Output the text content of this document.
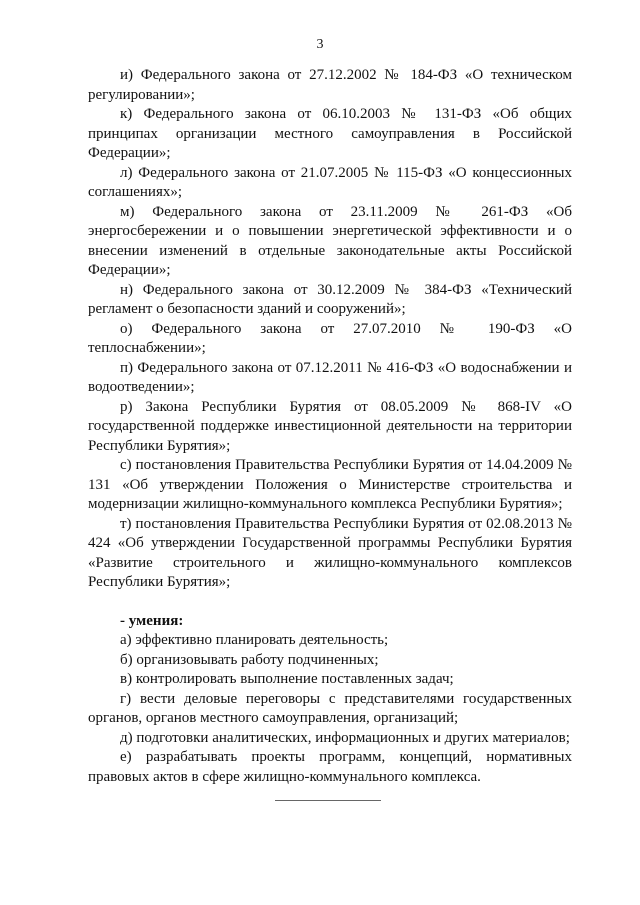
3

и) Федерального закона от 27.12.2002 № 184-ФЗ «О техническом регулировании»;

к) Федерального закона от 06.10.2003 № 131-ФЗ «Об общих принципах организации местного самоуправления в Российской Федерации»;

л) Федерального закона от 21.07.2005 № 115-ФЗ «О концессионных соглашениях»;

м) Федерального закона от 23.11.2009 № 261-ФЗ «Об энергосбережении и о повышении энергетической эффективности и о внесении изменений в отдельные законодательные акты Российской Федерации»;

н) Федерального закона от 30.12.2009 № 384-ФЗ «Технический регламент о безопасности зданий и сооружений»;

о) Федерального закона от 27.07.2010 № 190-ФЗ «О теплоснабжении»;

п) Федерального закона от 07.12.2011 № 416-ФЗ «О водоснабжении и водоотведении»;

р) Закона Республики Бурятия от 08.05.2009 № 868-IV «О государственной поддержке инвестиционной деятельности на территории Республики Бурятия»;

с) постановления Правительства Республики Бурятия от 14.04.2009 № 131 «Об утверждении Положения о Министерстве строительства и модернизации жилищно-коммунального комплекса Республики Бурятия»;

т) постановления Правительства Республики Бурятия от 02.08.2013 № 424 «Об утверждении Государственной программы Республики Бурятия «Развитие строительного и жилищно-коммунального комплексов Республики Бурятия»;

- умения:

а) эффективно планировать деятельность;

б) организовывать работу подчиненных;

в) контролировать выполнение поставленных задач;

г) вести деловые переговоры с представителями государственных органов, органов местного самоуправления, организаций;

д) подготовки аналитических, информационных и других материалов;

е) разрабатывать проекты программ, концепций, нормативных правовых актов в сфере жилищно-коммунального комплекса.
